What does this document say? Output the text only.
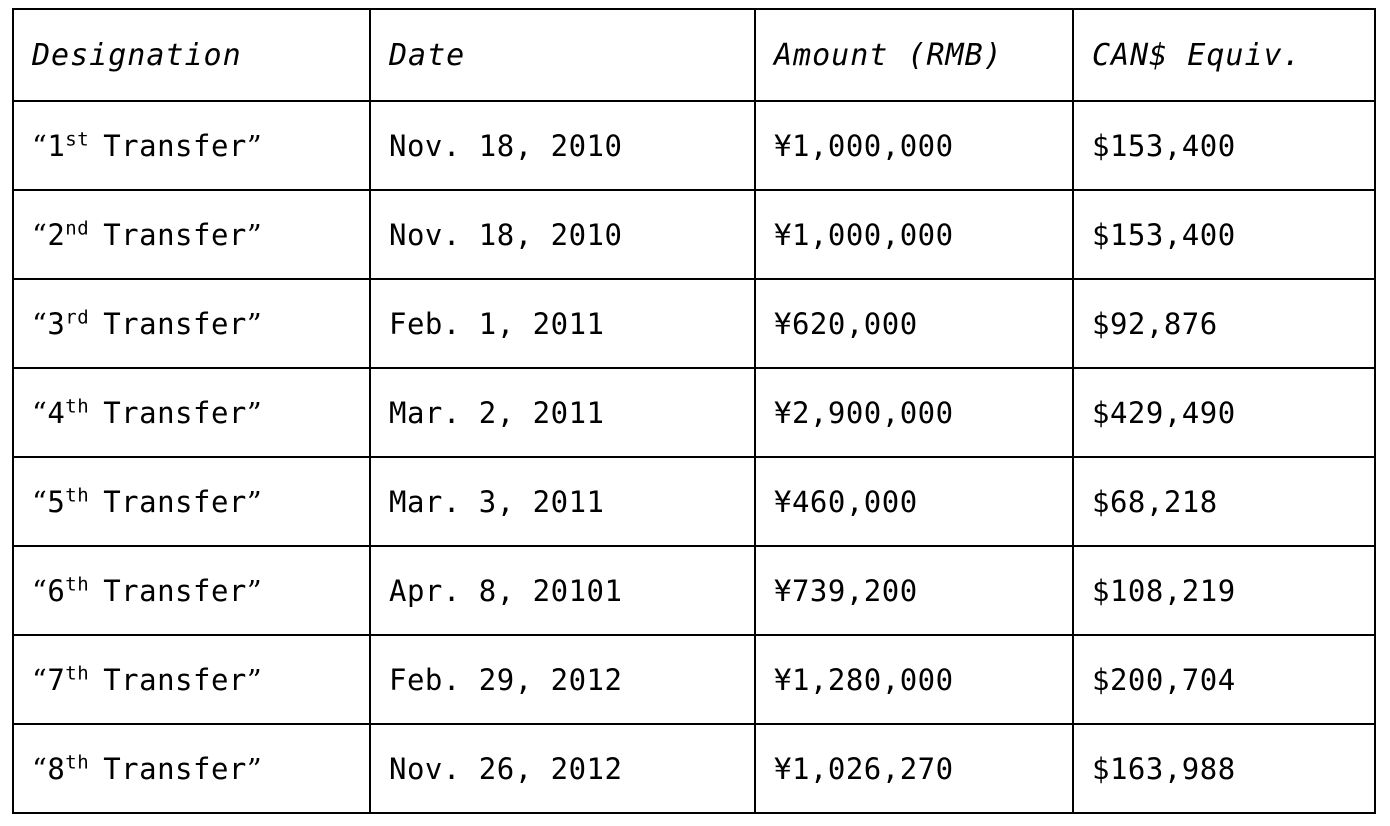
Designation	Date	Amount (RMB)	CAN$ Equiv.
“1st Transfer”	Nov. 18, 2010	¥1,000,000	$153,400
“2nd Transfer”	Nov. 18, 2010	¥1,000,000	$153,400
“3rd Transfer”	Feb. 1, 2011	¥620,000	$92,876
“4th Transfer”	Mar. 2, 2011	¥2,900,000	$429,490
“5th Transfer”	Mar. 3, 2011	¥460,000	$68,218
“6th Transfer”	Apr. 8, 20101	¥739,200	$108,219
“7th Transfer”	Feb. 29, 2012	¥1,280,000	$200,704
“8th Transfer”	Nov. 26, 2012	¥1,026,270	$163,988
